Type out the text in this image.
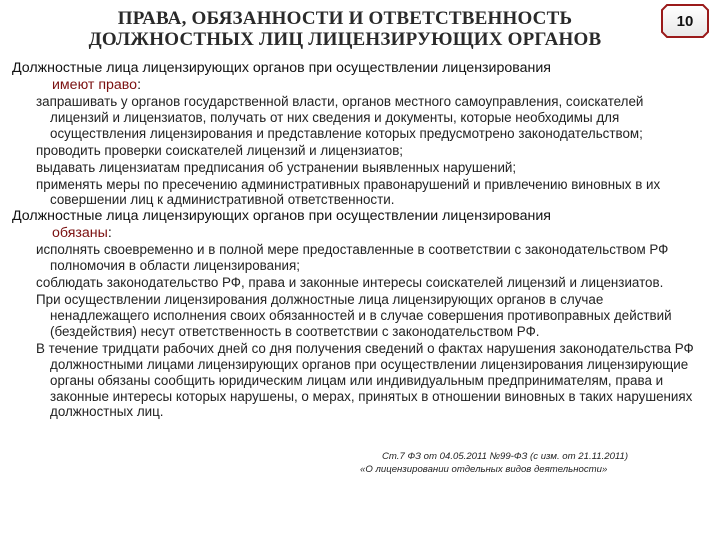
ПРАВА, ОБЯЗАННОСТИ И ОТВЕТСТВЕННОСТЬ
ДОЛЖНОСТНЫХ ЛИЦ ЛИЦЕНЗИРУЮЩИХ ОРГАНОВ
10
Должностные лица лицензирующих органов при осуществлении лицензирования
имеют право:
запрашивать у органов государственной власти, органов местного самоуправления, соискателей лицензий и лицензиатов, получать от них сведения и документы, которые необходимы для осуществления лицензирования и представление которых предусмотрено законодательством;
проводить проверки соискателей лицензий и лицензиатов;
выдавать лицензиатам предписания об устранении выявленных нарушений;
применять меры по пресечению административных правонарушений и привлечению виновных в их совершении лиц к административной ответственности.
Должностные лица лицензирующих органов при осуществлении лицензирования
обязаны:
исполнять своевременно и в полной мере предоставленные в соответствии с законодательством РФ полномочия в области лицензирования;
соблюдать законодательство РФ, права и законные интересы соискателей лицензий и лицензиатов.
При осуществлении лицензирования должностные лица лицензирующих органов в случае ненадлежащего исполнения своих обязанностей и в случае совершения противоправных действий (бездействия) несут ответственность в соответствии с законодательством РФ.
В течение тридцати рабочих дней со дня получения сведений о фактах нарушения законодательства РФ должностными лицами лицензирующих органов при осуществлении лицензирования лицензирующие органы обязаны сообщить юридическим лицам или индивидуальным предпринимателям, права и законные интересы которых нарушены, о мерах, принятых в отношении виновных в таких нарушениях должностных лиц.
Ст.7 ФЗ от 04.05.2011 №99-ФЗ (с изм. от 21.11.2011)
«О лицензировании отдельных видов деятельности»
